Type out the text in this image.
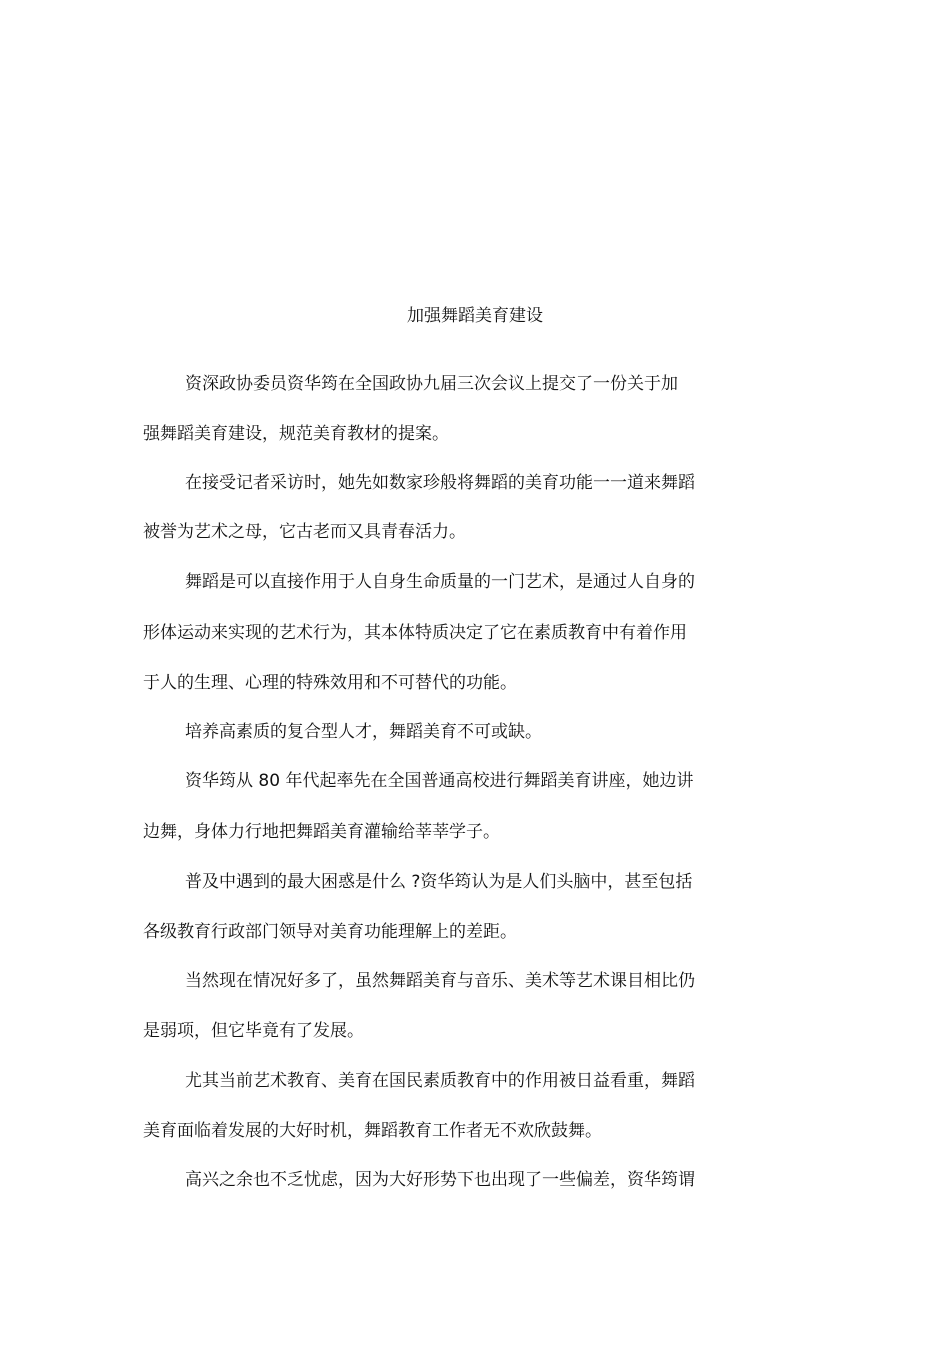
加强舞蹈美育建设
资深政协委员资华筠在全国政协九届三次会议上提交了一份关于加
强舞蹈美育建设，规范美育教材的提案。
在接受记者采访时，她先如数家珍般将舞蹈的美育功能一一道来舞蹈
被誉为艺术之母，它古老而又具青春活力。
舞蹈是可以直接作用于人自身生命质量的一门艺术，是通过人自身的
形体运动来实现的艺术行为，其本体特质决定了它在素质教育中有着作用
于人的生理、心理的特殊效用和不可替代的功能。
培养高素质的复合型人才，舞蹈美育不可或缺。
资华筠从 80 年代起率先在全国普通高校进行舞蹈美育讲座，她边讲
边舞，身体力行地把舞蹈美育灌输给莘莘学子。
普及中遇到的最大困惑是什么 ?资华筠认为是人们头脑中，甚至包括
各级教育行政部门领导对美育功能理解上的差距。
当然现在情况好多了，虽然舞蹈美育与音乐、美术等艺术课目相比仍
是弱项，但它毕竟有了发展。
尤其当前艺术教育、美育在国民素质教育中的作用被日益看重，舞蹈
美育面临着发展的大好时机，舞蹈教育工作者无不欢欣鼓舞。
高兴之余也不乏忧虑，因为大好形势下也出现了一些偏差，资华筠谓
